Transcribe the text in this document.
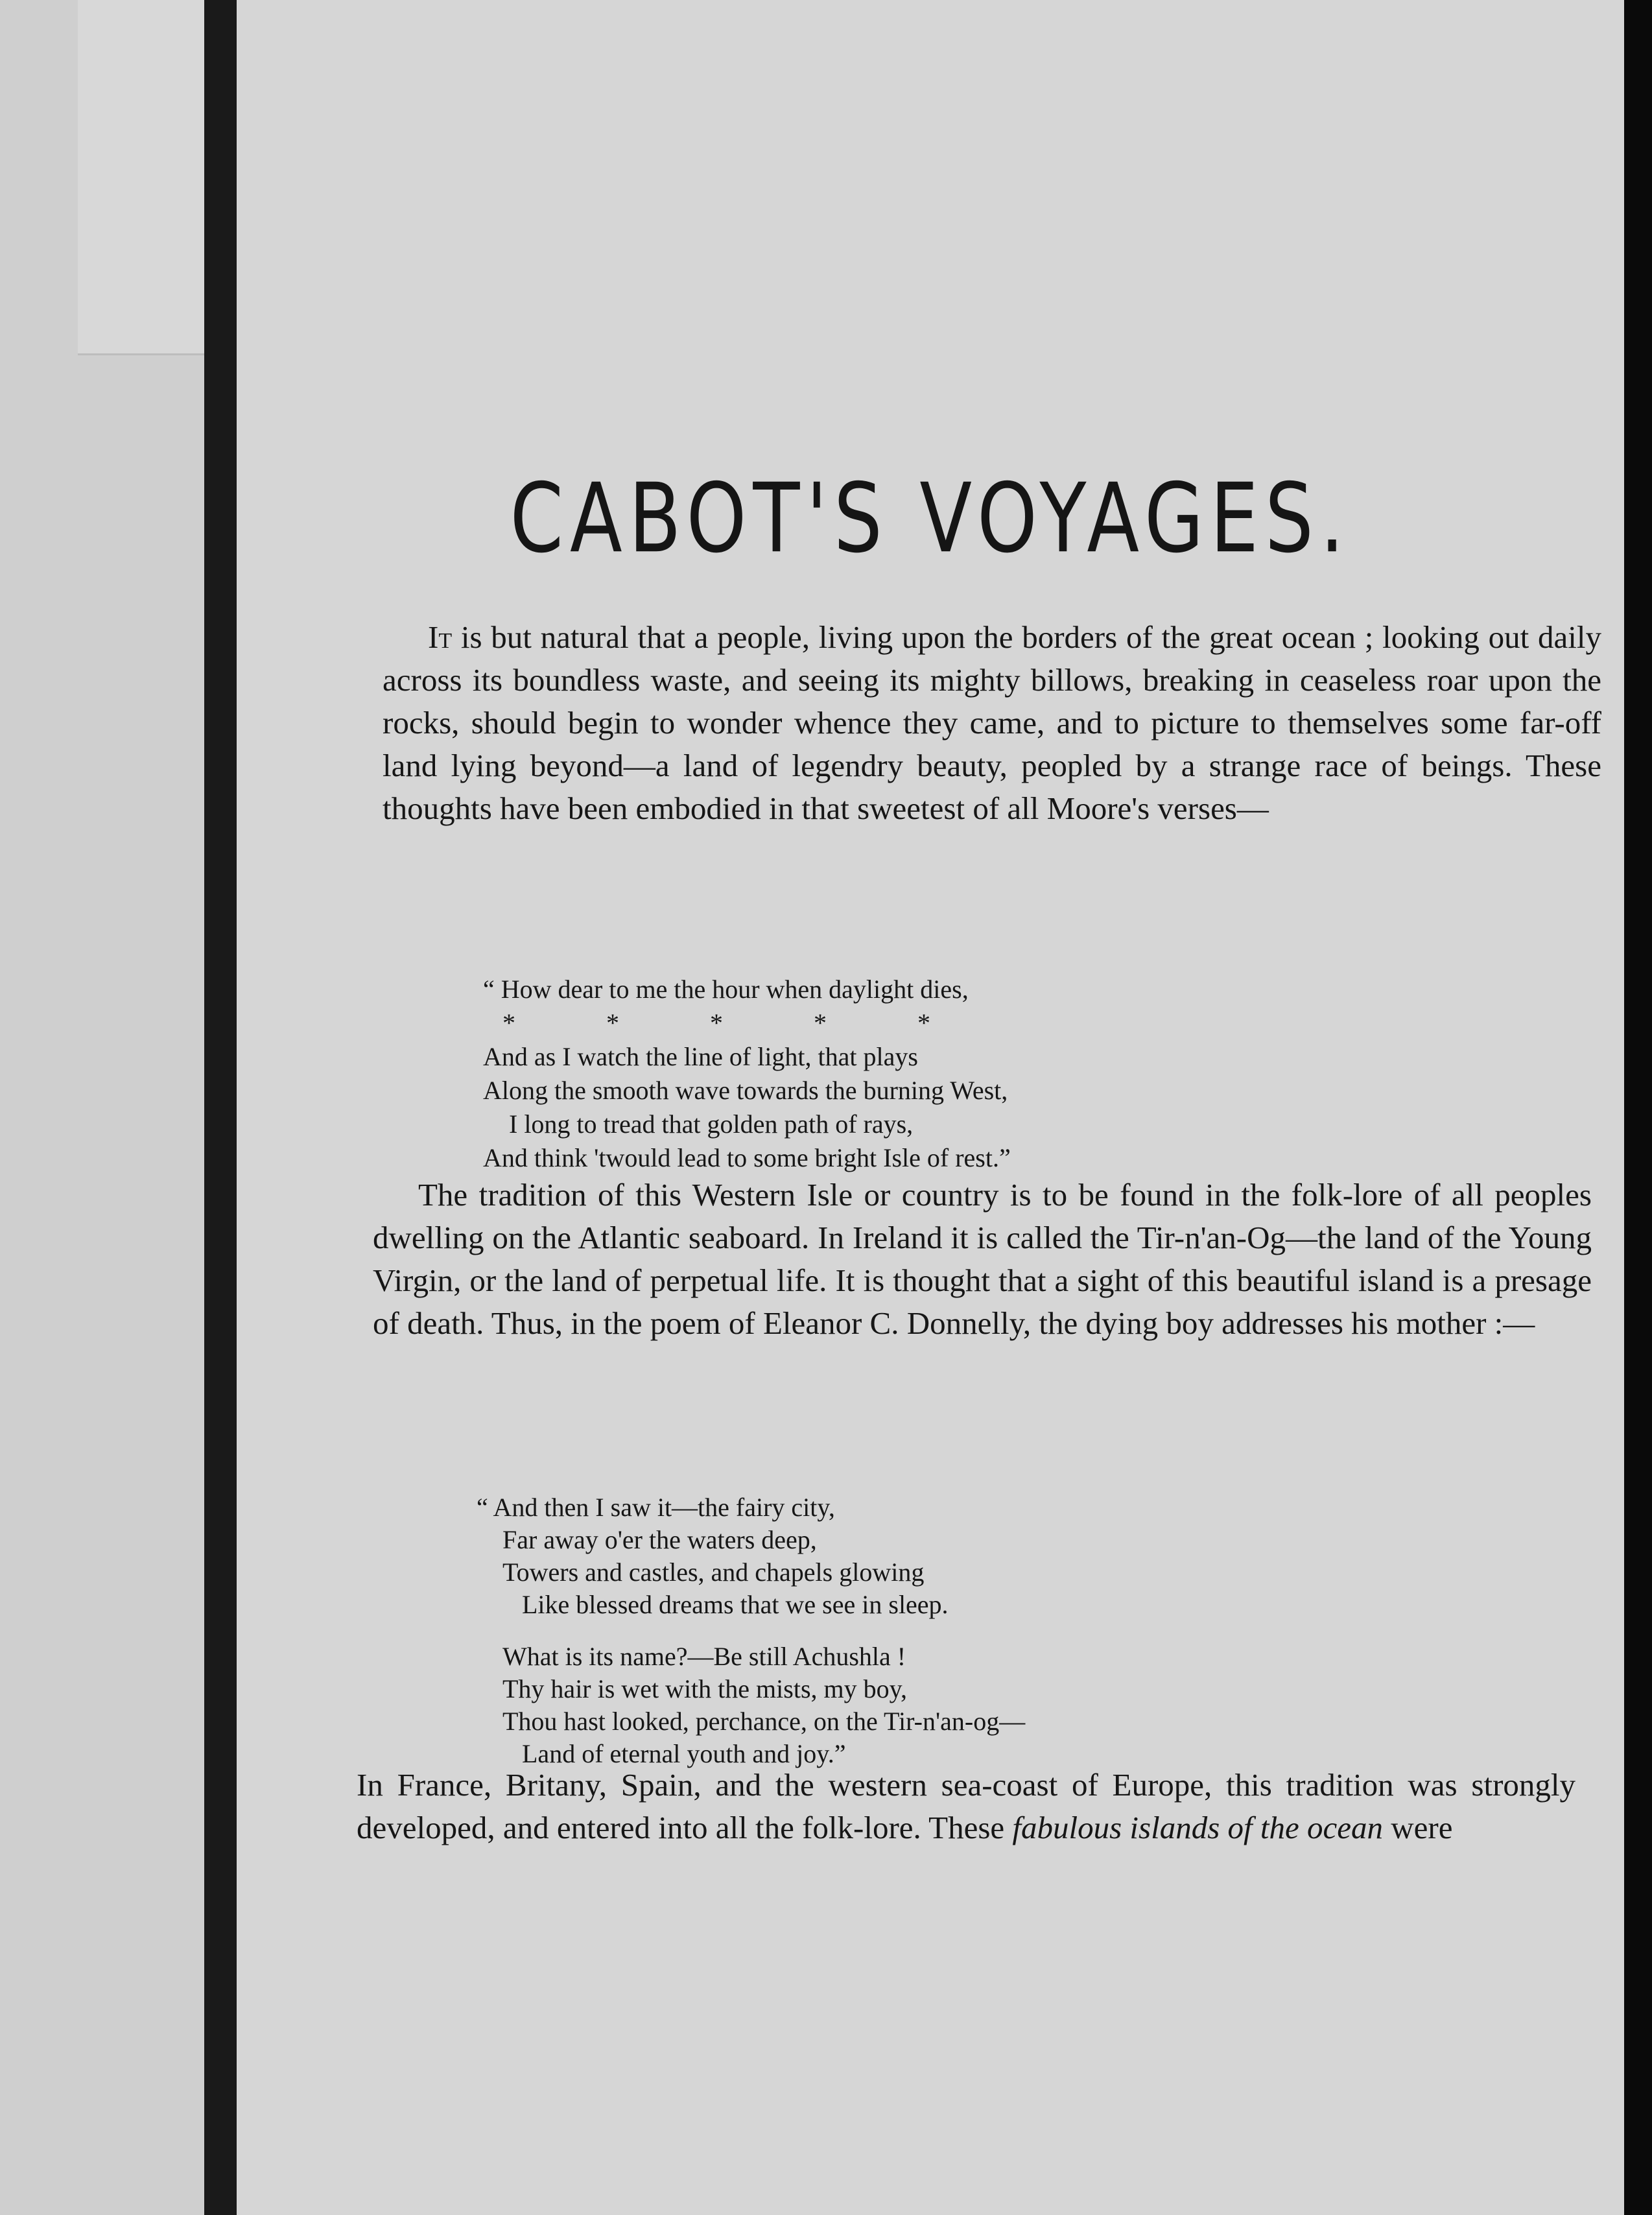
CABOT'S VOYAGES.

It is but natural that a people, living upon the borders of the great ocean ; looking out daily across its boundless waste, and seeing its mighty billows, breaking in ceaseless roar upon the rocks, should begin to wonder whence they came, and to picture to themselves some far-off land lying beyond—a land of legendry beauty, peopled by a strange race of beings. These thoughts have been embodied in that sweetest of all Moore's verses—

“ How dear to me the hour when daylight dies,

*	*	*	*	*

And as I watch the line of light, that plays

Along the smooth wave towards the burning West,

I long to tread that golden path of rays,

And think 'twould lead to some bright Isle of rest.”

The tradition of this Western Isle or country is to be found in the folk-lore of all peoples dwelling on the Atlantic seaboard. In Ireland it is called the Tir-n'an-Og—the land of the Young Virgin, or the land of perpetual life. It is thought that a sight of this beautiful island is a presage of death. Thus, in the poem of Eleanor C. Donnelly, the dying boy addresses his mother :—

“ And then I saw it—the fairy city,

Far away o'er the waters deep,

Towers and castles, and chapels glowing

Like blessed dreams that we see in sleep.

What is its name?—Be still Achushla !

Thy hair is wet with the mists, my boy,

Thou hast looked, perchance, on the Tir-n'an-og—

Land of eternal youth and joy.”

In France, Britany, Spain, and the western sea-coast of Europe, this tradition was strongly developed, and entered into all the folk-lore. These fabulous islands of the ocean were
